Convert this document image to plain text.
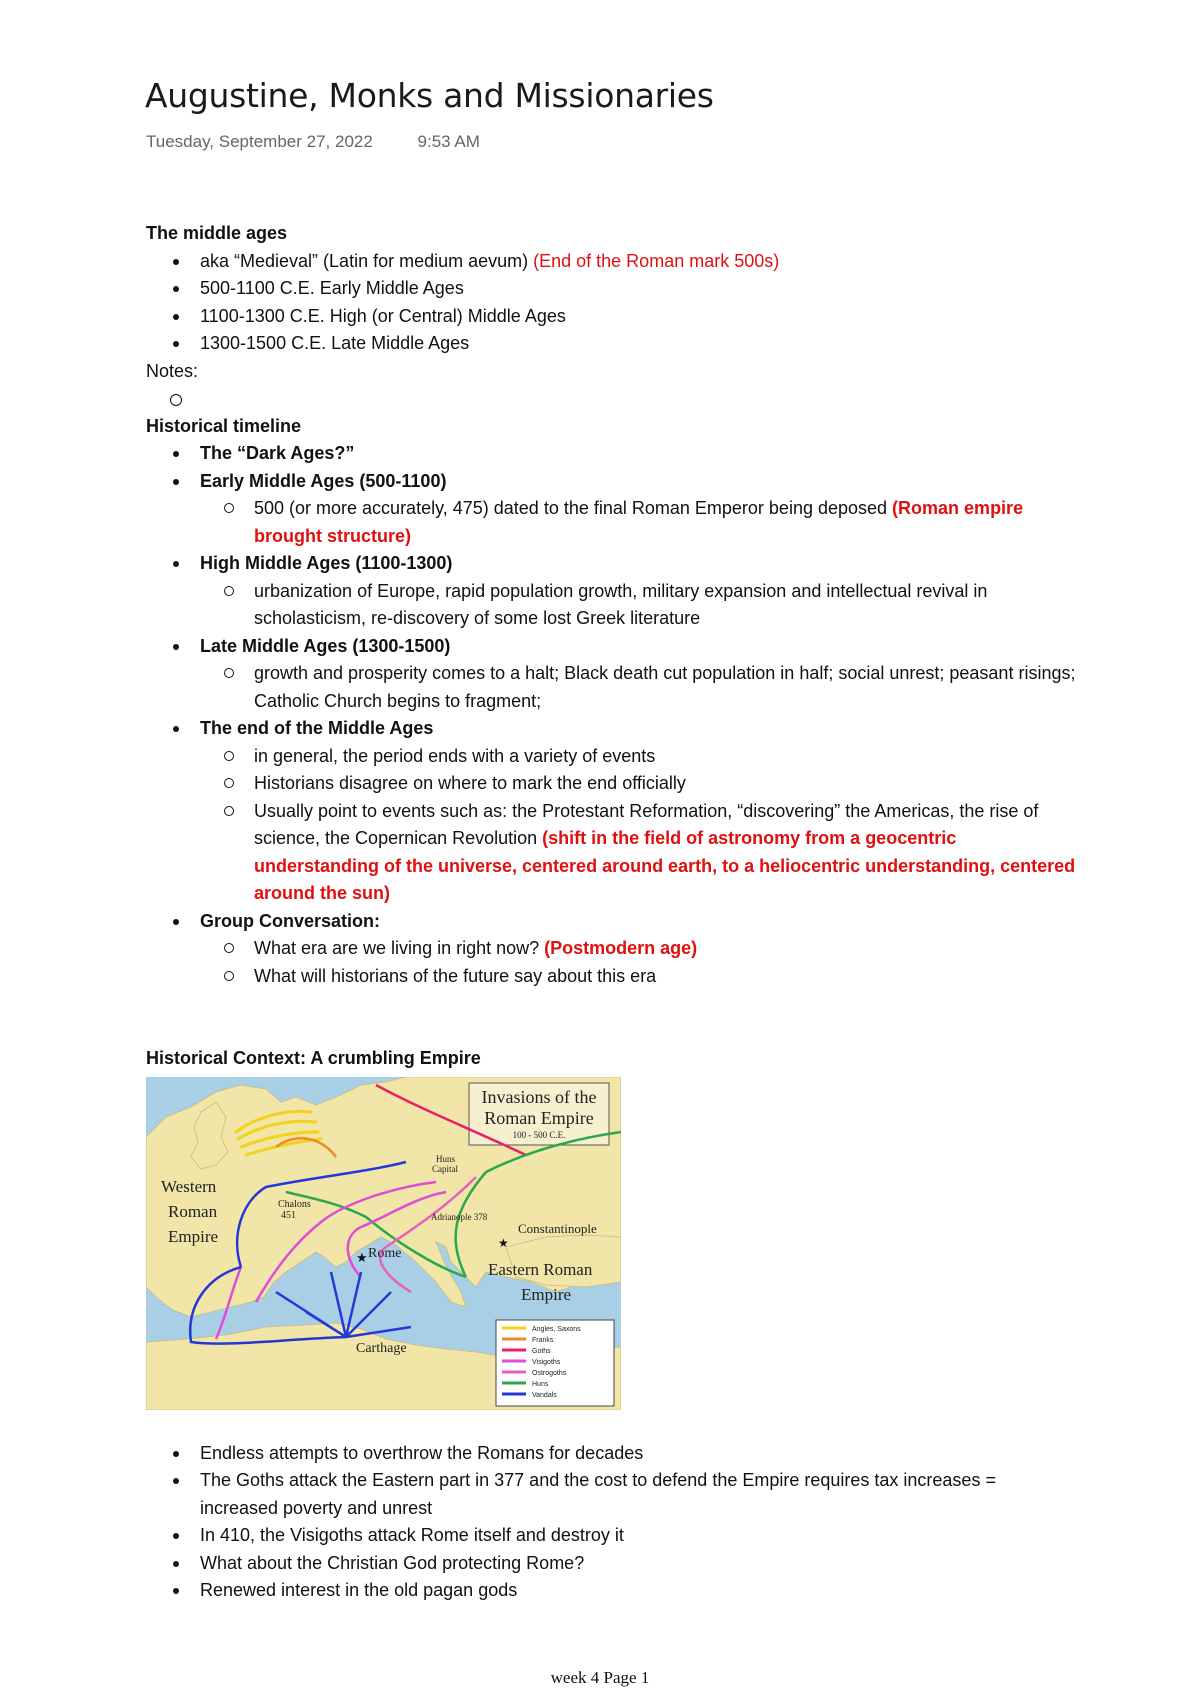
Augustine, Monks and Missionaries
Tuesday, September 27, 2022	9:53 AM

The middle ages

aka “Medieval” (Latin for medium aevum) (End of the Roman mark 500s)
500-1100 C.E. Early Middle Ages
1100-1300 C.E. High (or Central) Middle Ages
1300-1500 C.E. Late Middle Ages

Notes:

Historical timeline

The “Dark Ages?”
Early Middle Ages (500-1100)
500 (or more accurately, 475) dated to the final Roman Emperor being deposed (Roman empire brought structure)
High Middle Ages (1100-1300)
urbanization of Europe, rapid population growth, military expansion and intellectual revival in scholasticism, re-discovery of some lost Greek literature
Late Middle Ages (1300-1500)
growth and prosperity comes to a halt; Black death cut population in half; social unrest; peasant risings; Catholic Church begins to fragment;
The end of the Middle Ages
in general, the period ends with a variety of events
Historians disagree on where to mark the end officially
Usually point to events such as: the Protestant Reformation, “discovering” the Americas, the rise of science, the Copernican Revolution (shift in the field of astronomy from a geocentric understanding of the universe, centered around earth, to a heliocentric understanding, centered around the sun)
Group Conversation:
What era are we living in right now? (Postmodern age)
What will historians of the future say about this era

Historical Context: A crumbling Empire

Invasions of the
Roman Empire
100 - 500 C.E.
Rome
★
Carthage
Constantinople
★
Huns
Capital
Adrianople 378
Chalons
451
Western
Roman
Empire
Eastern Roman
Empire
Angles, Saxons
Franks
Goths
Visigoths
Ostrogoths
Huns
Vandals
Endless attempts to overthrow the Romans for decades
The Goths attack the Eastern part in 377 and the cost to defend the Empire requires tax increases = increased poverty and unrest
In 410, the Visigoths attack Rome itself and destroy it
What about the Christian God protecting Rome?
Renewed interest in the old pagan gods
week 4 Page 1
